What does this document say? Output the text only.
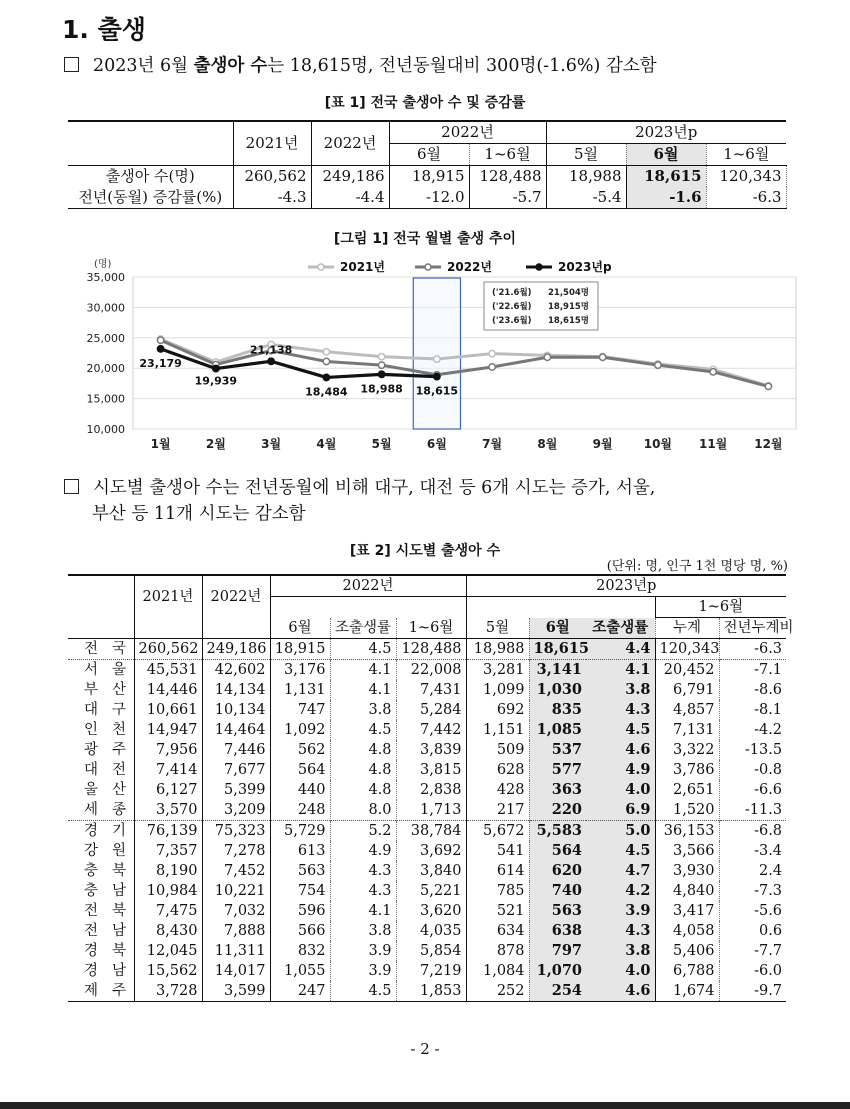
1. 출생
2023년 6월 출생아 수는 18,615명, 전년동월대비 300명(-1.6%) 감소함
[표 1] 전국 출생아 수 및 증감률
	2021년	2022년	2022년		2023년p		
			6월	1~6월	5월	6월	1~6월
출생아 수(명)	260,562	249,186	18,915	128,488	18,988	18,615	120,343
전년(동월) 증감률(%)	-4.3	-4.4	-12.0	-5.7	-5.4	-1.6	-6.3
[그림 1] 전국 월별 출생 추이
10,000
15,000
20,000
25,000
30,000
35,000
1월	2월	3월	4월	5월	6월	7월	8월	9월	10월 11월 12월
23,179
19,939
21,138
18,484 18,988 18,615
2021년	2022년	2023년p
('21.6월) 21,504명
('22.6월) 18,915명
('23.6월) 18,615명
(명)
시도별 출생아 수는 전년동월에 비해 대구, 대전 등 6개 시도는 증가, 서울,
부산 등 11개 시도는 감소함
[표 2] 시도별 출생아 수
(단위: 명, 인구 1천 명당 명, %)
	2021년	2022년	2022년			2023년p				
									1~6월	
			6월	조출생률	1~6월	5월	6월	조출생률	누계	전년누계비
전국	260,562	249,186	18,915	4.5	128,488	18,988	18,615	4.4	120,343	-6.3
서울	45,531	42,602	3,176	4.1	22,008	3,281	3,141	4.1	20,452	-7.1
부산	14,446	14,134	1,131	4.1	7,431	1,099	1,030	3.8	6,791	-8.6
대구	10,661	10,134	747	3.8	5,284	692	835	4.3	4,857	-8.1
인천	14,947	14,464	1,092	4.5	7,442	1,151	1,085	4.5	7,131	-4.2
광주	7,956	7,446	562	4.8	3,839	509	537	4.6	3,322	-13.5
대전	7,414	7,677	564	4.8	3,815	628	577	4.9	3,786	-0.8
울산	6,127	5,399	440	4.8	2,838	428	363	4.0	2,651	-6.6
세종	3,570	3,209	248	8.0	1,713	217	220	6.9	1,520	-11.3
경기	76,139	75,323	5,729	5.2	38,784	5,672	5,583	5.0	36,153	-6.8
강원	7,357	7,278	613	4.9	3,692	541	564	4.5	3,566	-3.4
충북	8,190	7,452	563	4.3	3,840	614	620	4.7	3,930	2.4
충남	10,984	10,221	754	4.3	5,221	785	740	4.2	4,840	-7.3
전북	7,475	7,032	596	4.1	3,620	521	563	3.9	3,417	-5.6
전남	8,430	7,888	566	3.8	4,035	634	638	4.3	4,058	0.6
경북	12,045	11,311	832	3.9	5,854	878	797	3.8	5,406	-7.7
경남	15,562	14,017	1,055	3.9	7,219	1,084	1,070	4.0	6,788	-6.0
제주	3,728	3,599	247	4.5	1,853	252	254	4.6	1,674	-9.7
- 2 -
